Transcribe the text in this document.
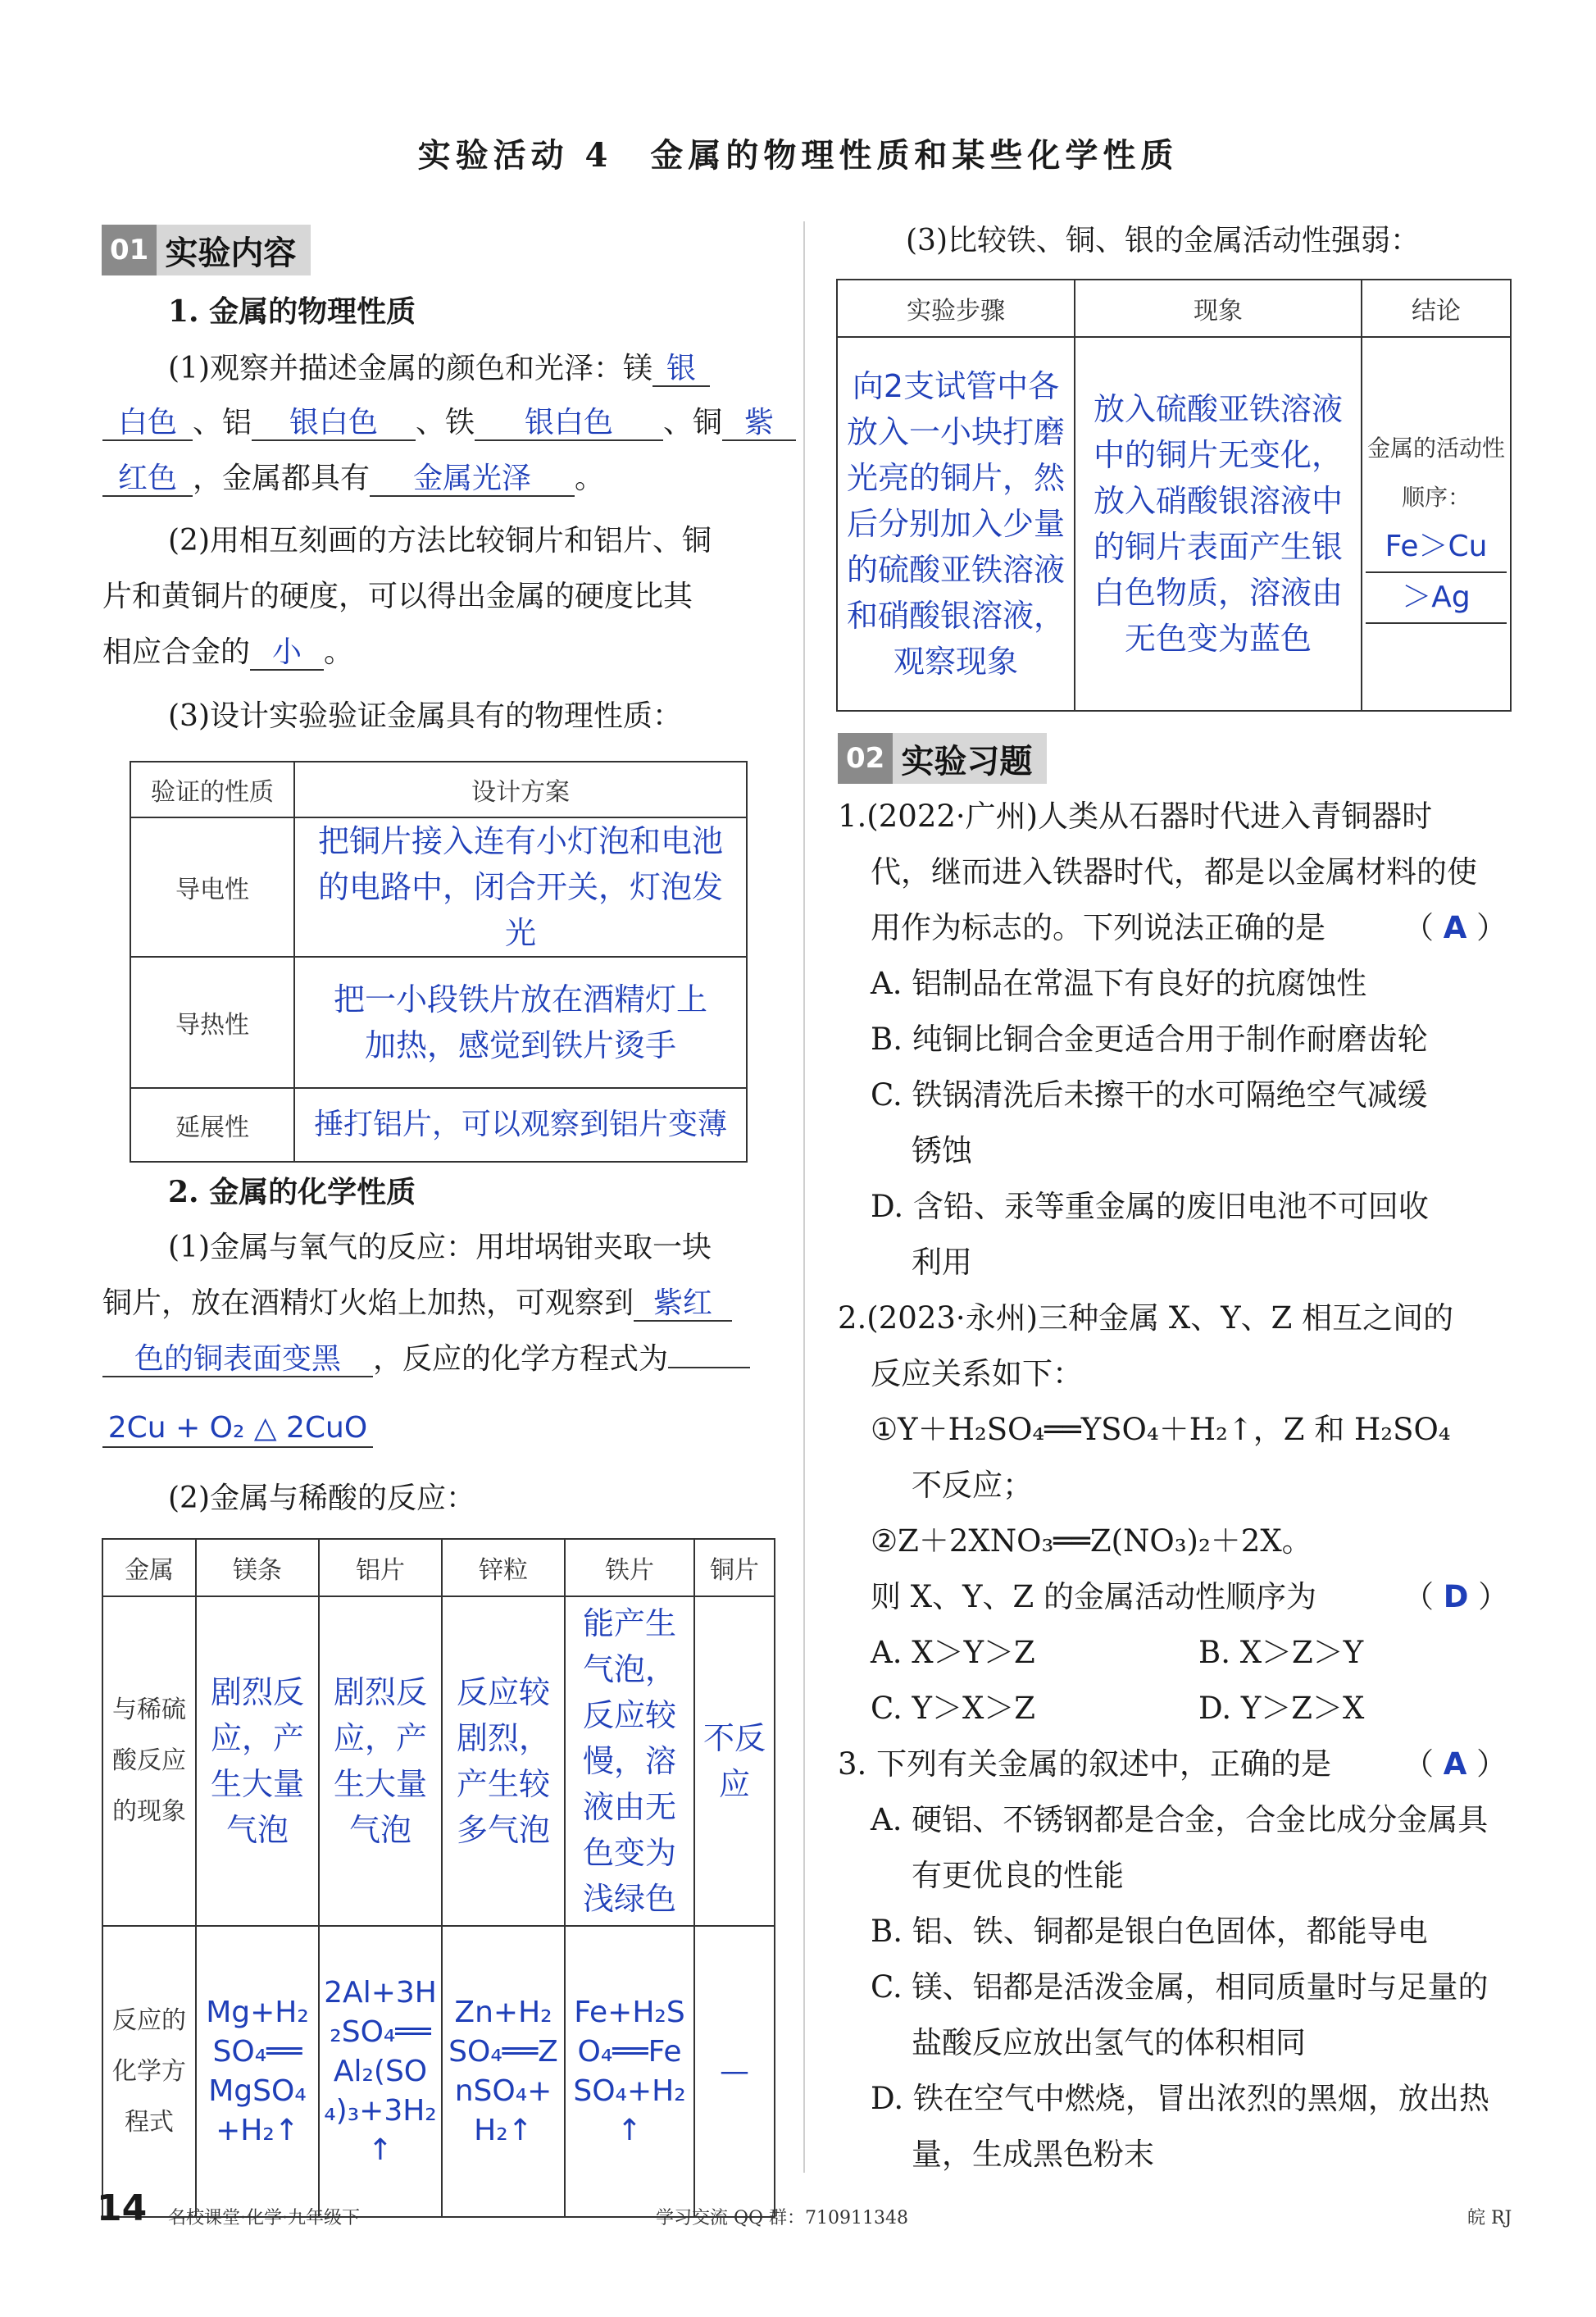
实验活动 4　金属的物理性质和某些化学性质
01 实验内容
1. 金属的物理性质
(1)观察并描述金属的颜色和光泽：镁 银
白色 、铝 银白色 、铁 银白色 、铜 紫
红色 ，金属都具有 金属光泽 。
(2)用相互刻画的方法比较铜片和铝片、铜
片和黄铜片的硬度，可以得出金属的硬度比其
相应合金的 小 。
(3)设计实验验证金属具有的物理性质：
验证的性质	设计方案
导电性	把铜片接入连有小灯泡和电池的电路中，闭合开关，灯泡发光
导热性	把一小段铁片放在酒精灯上加热，感觉到铁片烫手
延展性	捶打铝片，可以观察到铝片变薄
2. 金属的化学性质
(1)金属与氧气的反应：用坩埚钳夹取一块
铜片，放在酒精灯火焰上加热，可观察到 紫红
色的铜表面变黑 ，反应的化学方程式为
2Cu + O₂ △ 2CuO
(2)金属与稀酸的反应：
金属	镁条	铝片	锌粒	铁片	铜片
与稀硫酸反应的现象	剧烈反应，产生大量气泡	剧烈反应，产生大量气泡	反应较剧烈，产生较多气泡	能产生气泡，反应较慢，溶液由无色变为浅绿色	不反应
反应的化学方程式	Mg+H₂SO₄══MgSO₄+H₂↑	2Al+3H₂SO₄══Al₂(SO₄)₃+3H₂↑	Zn+H₂SO₄══ZnSO₄+H₂↑	Fe+H₂SO₄══FeSO₄+H₂↑	—
(3)比较铁、铜、银的金属活动性强弱：
实验步骤	现象	结论
向2支试管中各放入一小块打磨光亮的铜片，然后分别加入少量的硫酸亚铁溶液和硝酸银溶液，观察现象	放入硫酸亚铁溶液中的铜片无变化，放入硝酸银溶液中的铜片表面产生银白色物质，溶液由无色变为蓝色	金属的活动性顺序：
Fe＞Cu
＞Ag
02 实验习题
1.(2022·广州)人类从石器时代进入青铜器时
代，继而进入铁器时代，都是以金属材料的使
用作为标志的。下列说法正确的是	（ A ）
A. 铝制品在常温下有良好的抗腐蚀性
B. 纯铜比铜合金更适合用于制作耐磨齿轮
C. 铁锅清洗后未擦干的水可隔绝空气减缓
锈蚀
D. 含铅、汞等重金属的废旧电池不可回收
利用
2.(2023·永州)三种金属 X、Y、Z 相互之间的
反应关系如下：
①Y＋H₂SO₄══YSO₄＋H₂↑，Z 和 H₂SO₄
不反应；
②Z＋2XNO₃══Z(NO₃)₂＋2X。
则 X、Y、Z 的金属活动性顺序为	（ D ）
A. X＞Y＞Z	B. X＞Z＞Y
C. Y＞X＞Z	D. Y＞Z＞X
3. 下列有关金属的叙述中，正确的是 （ A ）
A. 硬铝、不锈钢都是合金，合金比成分金属具
有更优良的性能
B. 铝、铁、铜都是银白色固体，都能导电
C. 镁、铝都是活泼金属，相同质量时与足量的
盐酸反应放出氢气的体积相同
D. 铁在空气中燃烧，冒出浓烈的黑烟，放出热
量，生成黑色粉末
14 名校课堂·化学·九年级下	学习交流 QQ 群：710911348	皖 RJ
